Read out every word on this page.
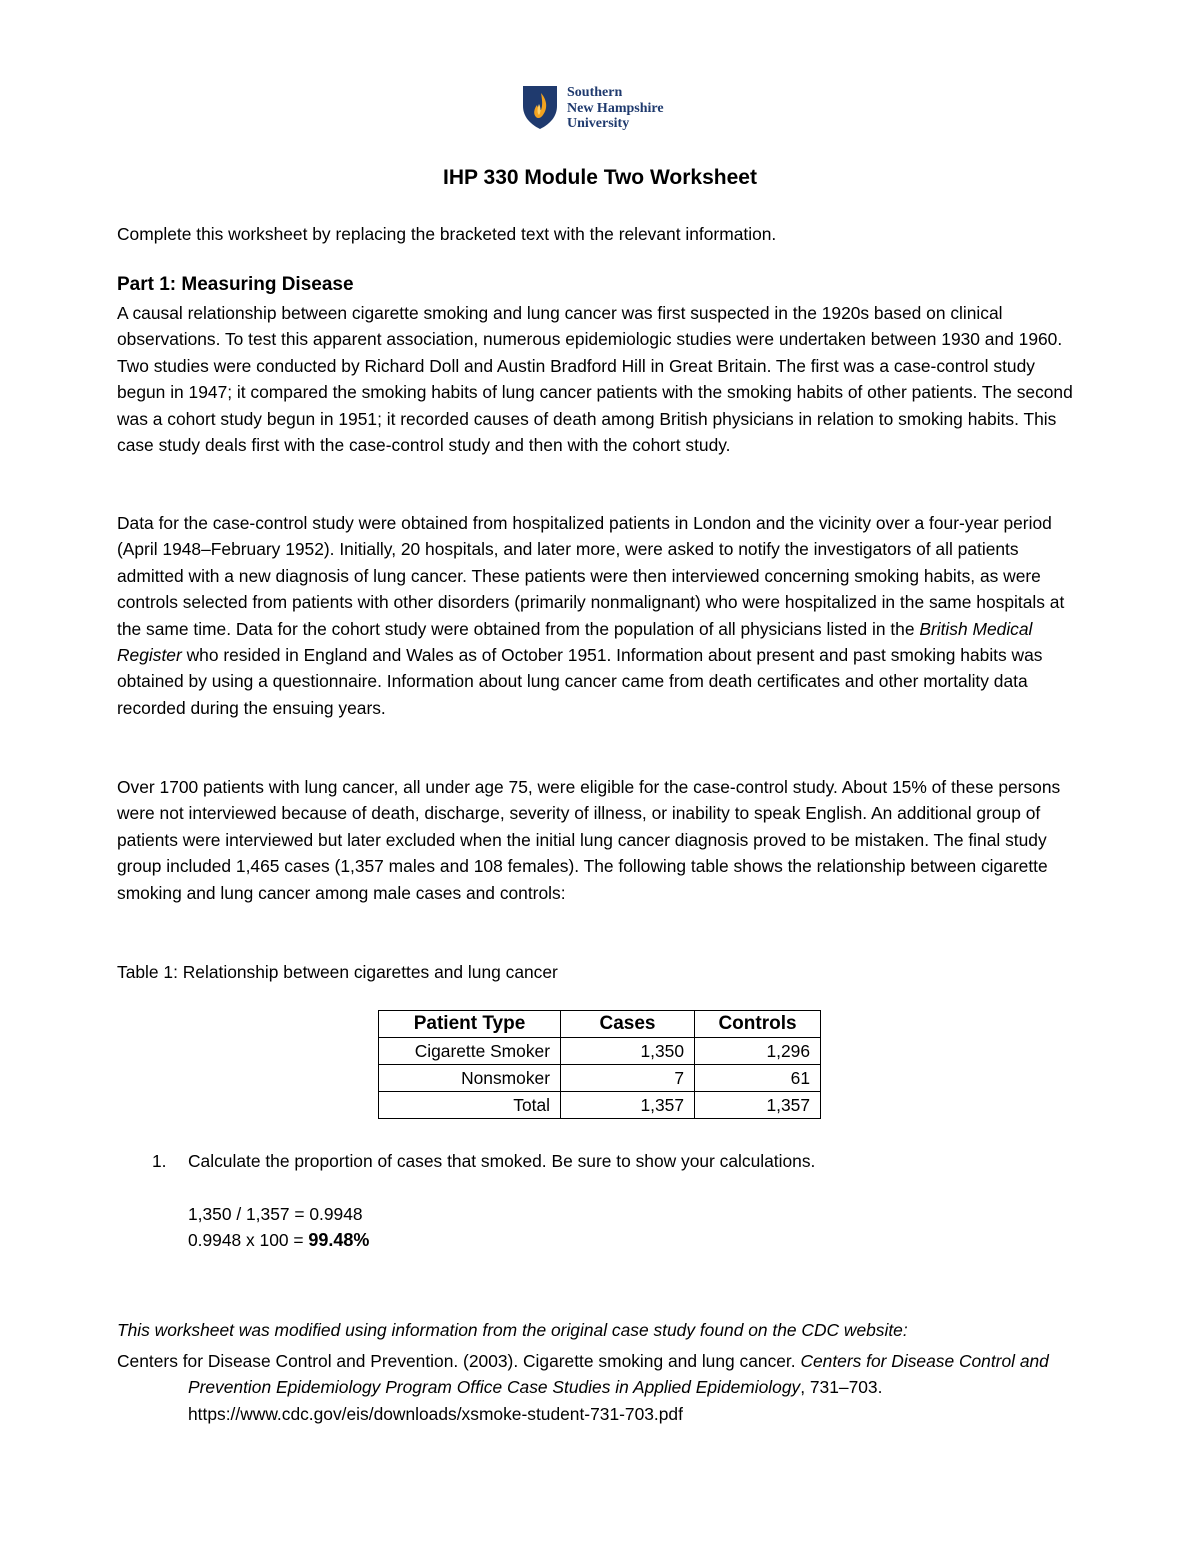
Southern
New Hampshire
University
IHP 330 Module Two Worksheet

Complete this worksheet by replacing the bracketed text with the relevant information.

Part 1: Measuring Disease

A causal relationship between cigarette smoking and lung cancer was first suspected in the 1920s based on clinical observations. To test this apparent association, numerous epidemiologic studies were undertaken between 1930 and 1960. Two studies were conducted by Richard Doll and Austin Bradford Hill in Great Britain. The first was a case-control study begun in 1947; it compared the smoking habits of lung cancer patients with the smoking habits of other patients. The second was a cohort study begun in 1951; it recorded causes of death among British physicians in relation to smoking habits. This case study deals first with the case-control study and then with the cohort study.

Data for the case-control study were obtained from hospitalized patients in London and the vicinity over a four-year period (April 1948–February 1952). Initially, 20 hospitals, and later more, were asked to notify the investigators of all patients admitted with a new diagnosis of lung cancer. These patients were then interviewed concerning smoking habits, as were controls selected from patients with other disorders (primarily nonmalignant) who were hospitalized in the same hospitals at the same time. Data for the cohort study were obtained from the population of all physicians listed in the British Medical Register who resided in England and Wales as of October 1951. Information about present and past smoking habits was obtained by using a questionnaire. Information about lung cancer came from death certificates and other mortality data recorded during the ensuing years.

Over 1700 patients with lung cancer, all under age 75, were eligible for the case-control study. About 15% of these persons were not interviewed because of death, discharge, severity of illness, or inability to speak English. An additional group of patients were interviewed but later excluded when the initial lung cancer diagnosis proved to be mistaken. The final study group included 1,465 cases (1,357 males and 108 females). The following table shows the relationship between cigarette smoking and lung cancer among male cases and controls:

Table 1: Relationship between cigarettes and lung cancer

Patient Type	Cases	Controls
Cigarette Smoker	1,350	1,296
Nonsmoker	7	61
Total	1,357	1,357
1. Calculate the proportion of cases that smoked. Be sure to show your calculations.
1,350 / 1,357 = 0.9948
0.9948 x 100 = 99.48%

This worksheet was modified using information from the original case study found on the CDC website:

Centers for Disease Control and Prevention. (2003). Cigarette smoking and lung cancer. Centers for Disease Control and Prevention Epidemiology Program Office Case Studies in Applied Epidemiology, 731–703.
https://www.cdc.gov/eis/downloads/xsmoke-student-731-703.pdf
